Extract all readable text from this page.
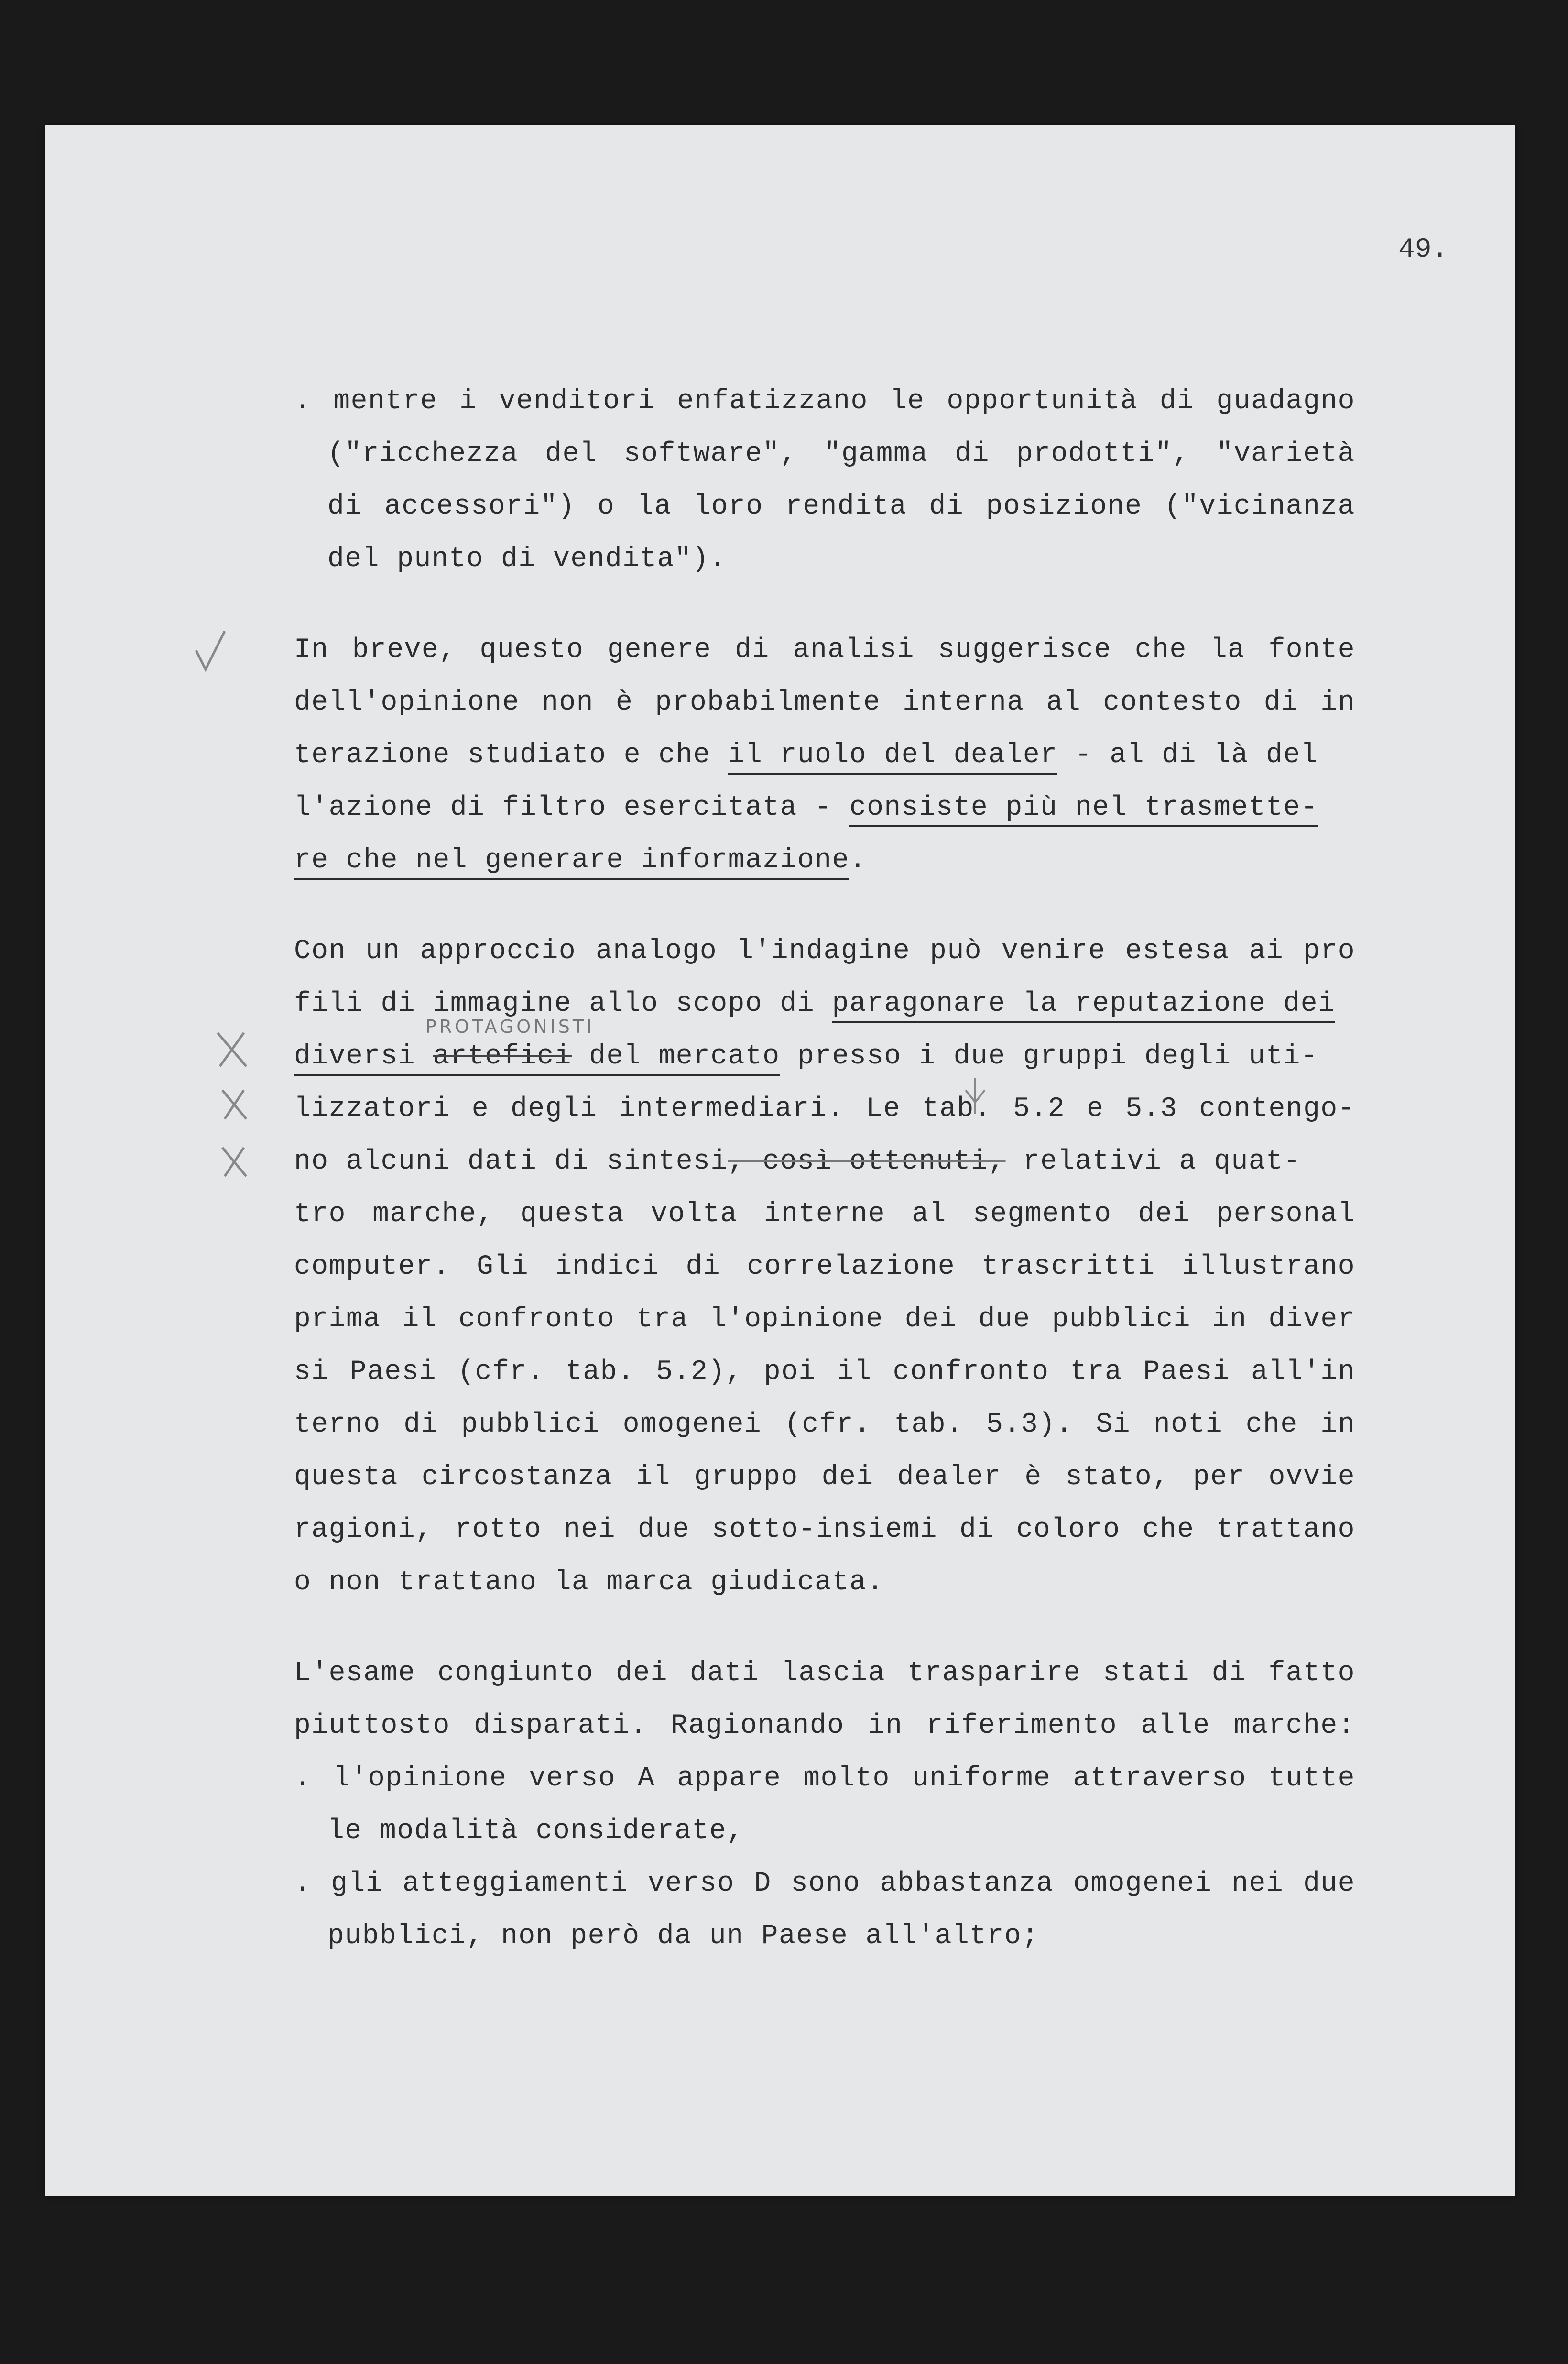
49.
. mentre i venditori enfatizzano le opportunità di guadagno
("ricchezza del software", "gamma di prodotti", "varietà
di accessori") o la loro rendita di posizione ("vicinanza
del punto di vendita").
In breve, questo genere di analisi suggerisce che la fonte
dell'opinione non è probabilmente interna al contesto di in
terazione studiato e che il ruolo del dealer - al di là del
l'azione di filtro esercitata - consiste più nel trasmette-
re che nel generare informazione.
Con un approccio analogo l'indagine può venire estesa ai pro
fili di immagine allo scopo di paragonare la reputazione dei
PROTAGONISTI
diversi artefici del mercato presso i due gruppi degli uti-
lizzatori e degli intermediari. Le tab. 5.2 e 5.3 contengo-
no alcuni dati di sintesi, così ottenuti, relativi a quat-
tro marche, questa volta interne al segmento dei personal
computer. Gli indici di correlazione trascritti illustrano
prima il confronto tra l'opinione dei due pubblici in diver
si Paesi (cfr. tab. 5.2), poi il confronto tra Paesi all'in
terno di pubblici omogenei (cfr. tab. 5.3). Si noti che in
questa circostanza il gruppo dei dealer è stato, per ovvie
ragioni, rotto nei due sotto-insiemi di coloro che trattano
o non trattano la marca giudicata.
L'esame congiunto dei dati lascia trasparire stati di fatto
piuttosto disparati. Ragionando in riferimento alle marche:
. l'opinione verso A appare molto uniforme attraverso tutte
le modalità considerate,
. gli atteggiamenti verso D sono abbastanza omogenei nei due
pubblici, non però da un Paese all'altro;
